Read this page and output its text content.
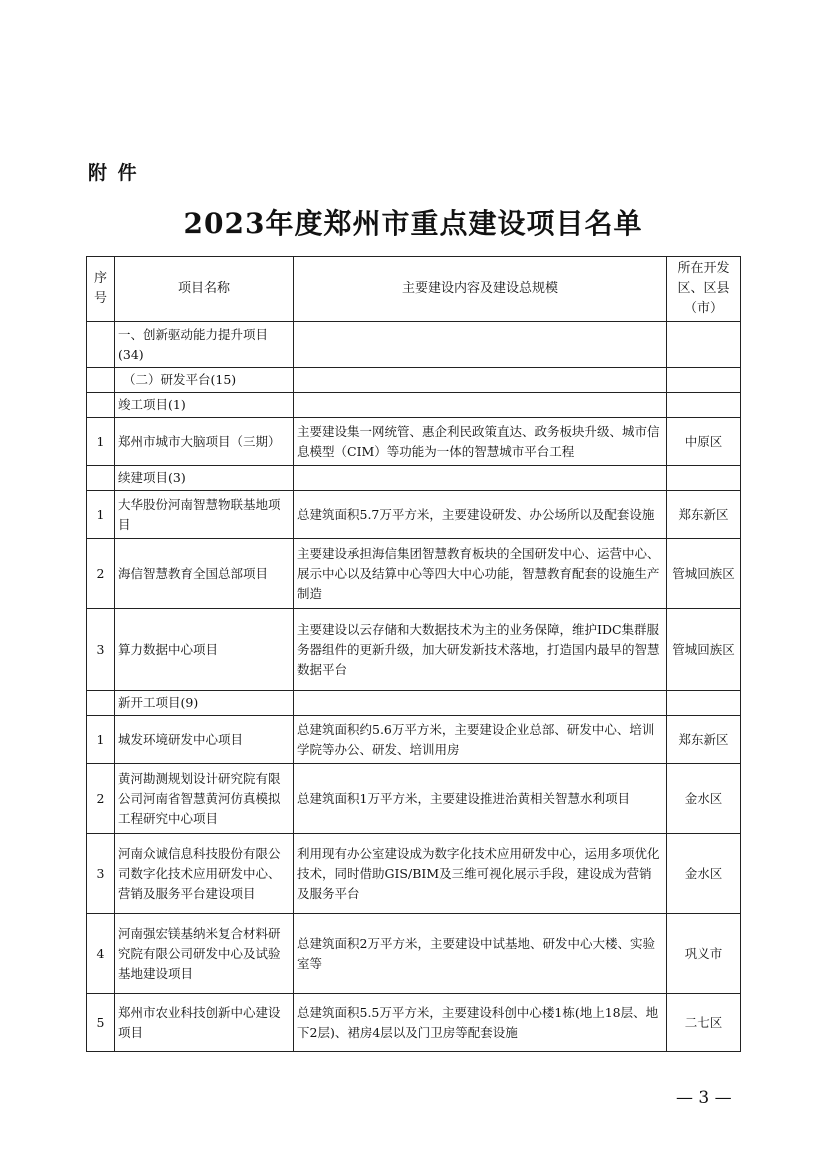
附 件
2023年度郑州市重点建设项目名单
序号	项目名称	主要建设内容及建设总规模	所在开发区、区县（市）
	一、创新驱动能力提升项目(34)		
	（二）研发平台(15)		
	竣工项目(1)		
1	郑州市城市大脑项目（三期）	主要建设集一网统管、惠企利民政策直达、政务板块升级、城市信息模型（CIM）等功能为一体的智慧城市平台工程	中原区
	续建项目(3)		
1	大华股份河南智慧物联基地项目	总建筑面积5.7万平方米，主要建设研发、办公场所以及配套设施	郑东新区
2	海信智慧教育全国总部项目	主要建设承担海信集团智慧教育板块的全国研发中心、运营中心、展示中心以及结算中心等四大中心功能，智慧教育配套的设施生产制造	管城回族区
3	算力数据中心项目	主要建设以云存储和大数据技术为主的业务保障，维护IDC集群服务器组件的更新升级，加大研发新技术落地，打造国内最早的智慧数据平台	管城回族区
	新开工项目(9)		
1	城发环境研发中心项目	总建筑面积约5.6万平方米，主要建设企业总部、研发中心、培训学院等办公、研发、培训用房	郑东新区
2	黄河勘测规划设计研究院有限公司河南省智慧黄河仿真模拟工程研究中心项目	总建筑面积1万平方米，主要建设推进治黄相关智慧水利项目	金水区
3	河南众诚信息科技股份有限公司数字化技术应用研发中心、营销及服务平台建设项目	利用现有办公室建设成为数字化技术应用研发中心，运用多项优化技术，同时借助GIS/BIM及三维可视化展示手段，建设成为营销及服务平台	金水区
4	河南强宏镁基纳米复合材料研究院有限公司研发中心及试验基地建设项目	总建筑面积2万平方米，主要建设中试基地、研发中心大楼、实验室等	巩义市
5	郑州市农业科技创新中心建设项目	总建筑面积5.5万平方米，主要建设科创中心楼1栋(地上18层、地下2层)、裙房4层以及门卫房等配套设施	二七区
— 3 —
